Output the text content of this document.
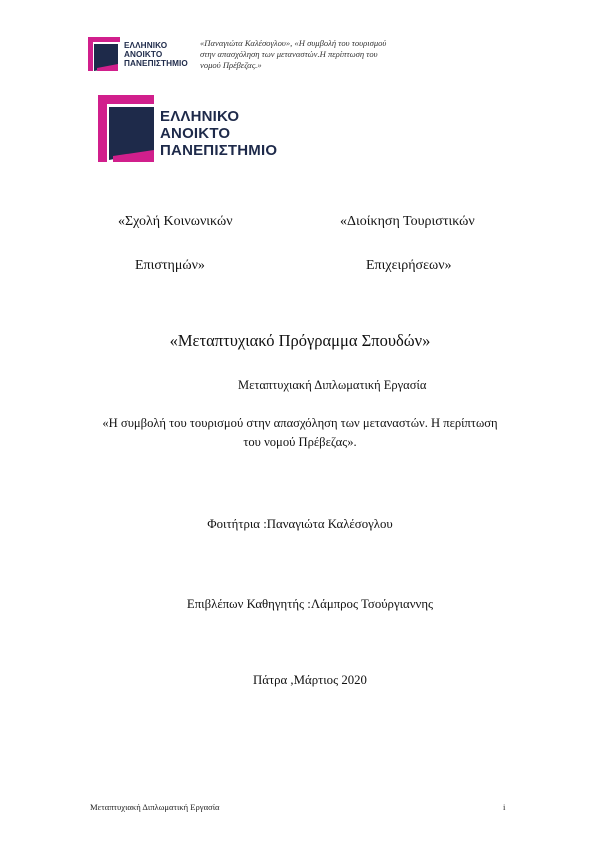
ΕΛΛΗΝΙΚΟ
ΑΝΟΙΚΤΟ
ΠΑΝΕΠΙΣΤΗΜΙΟ
«Παναγιώτα Καλέσογλου», «Η συμβολή του τουρισμού
στην απασχόληση των μεταναστών.Η περίπτωση του
νομού Πρέβεζας.»
ΕΛΛΗΝΙΚΟ
ΑΝΟΙΚΤΟ
ΠΑΝΕΠΙΣΤΗΜΙΟ
«Σχολή Κοινωνικών
Επιστημών»
«Διοίκηση Τουριστικών
Επιχειρήσεων»
«Μεταπτυχιακό Πρόγραμμα Σπουδών»
Μεταπτυχιακή Διπλωματική Εργασία
«Η συμβολή του τουρισμού στην απασχόληση των μεταναστών. Η περίπτωση του νομού Πρέβεζας».
Φοιτήτρια :Παναγιώτα Καλέσογλου
Επιβλέπων Καθηγητής :Λάμπρος Τσούργιαννης
Πάτρα ,Μάρτιος 2020
Μεταπτυχιακή Διπλωματική Εργασία	i
